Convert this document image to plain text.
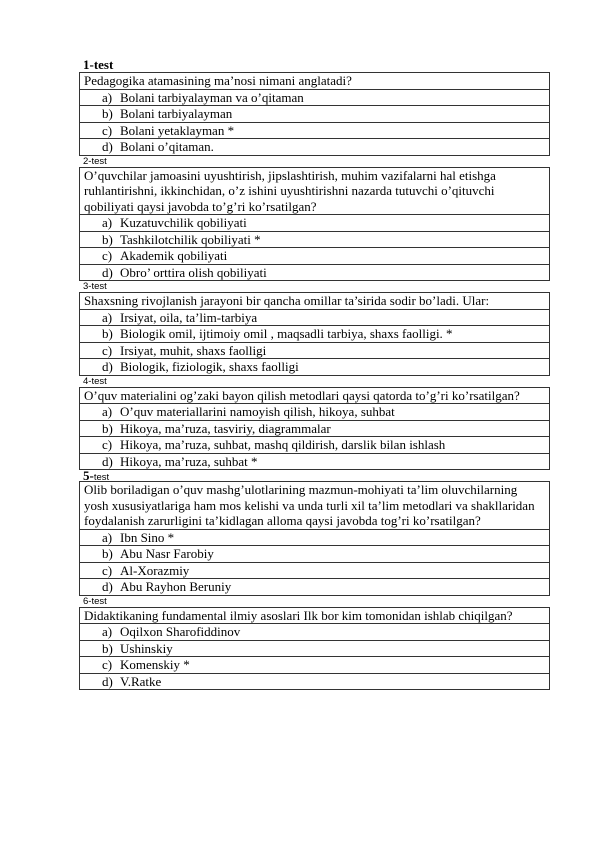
1-test
Pedagogika atamasining ma’nosi nimani anglatadi?
a) Bolani tarbiyalayman va o’qitaman
b) Bolani tarbiyalayman
c) Bolani yetaklayman *
d) Bolani o’qitaman.
2-test
O’quvchilar jamoasini uyushtirish, jipslashtirish, muhim vazifalarni hal etishga ruhlantirishni, ikkinchidan, o’z ishini uyushtirishni nazarda tutuvchi o’qituvchi qobiliyati qaysi javobda to’g’ri ko’rsatilgan?
a) Kuzatuvchilik qobiliyati
b) Tashkilotchilik qobiliyati *
c) Akademik qobiliyati
d) Obro’ orttira olish qobiliyati
3-test
Shaxsning rivojlanish jarayoni bir qancha omillar ta’sirida sodir bo’ladi. Ular:
a) Irsiyat, oila, ta’lim-tarbiya
b) Biologik omil, ijtimoiy omil , maqsadli tarbiya, shaxs faolligi. *
c) Irsiyat, muhit, shaxs faolligi
d) Biologik, fiziologik, shaxs faolligi
4-test
O’quv materialini og’zaki bayon qilish metodlari qaysi qatorda to’g’ri ko’rsatilgan?
a) O’quv materiallarini namoyish qilish, hikoya, suhbat
b) Hikoya, ma’ruza, tasviriy, diagrammalar
c) Hikoya, ma’ruza, suhbat, mashq qildirish, darslik bilan ishlash
d) Hikoya, ma’ruza, suhbat *
5-test
Olib boriladigan o’quv mashg’ulotlarining mazmun-mohiyati ta’lim oluvchilarning yosh xususiyatlariga ham mos kelishi va unda turli xil ta’lim metodlari va shakllaridan foydalanish zarurligini ta’kidlagan alloma qaysi javobda tog’ri ko’rsatilgan?
a) Ibn Sino *
b) Abu Nasr Farobiy
c) Al-Xorazmiy
d) Abu Rayhon Beruniy
6-test
Didaktikaning fundamental ilmiy asoslari Ilk bor kim tomonidan ishlab chiqilgan?
a) Oqilxon Sharofiddinov
b) Ushinskiy
c) Komenskiy *
d) V.Ratke
